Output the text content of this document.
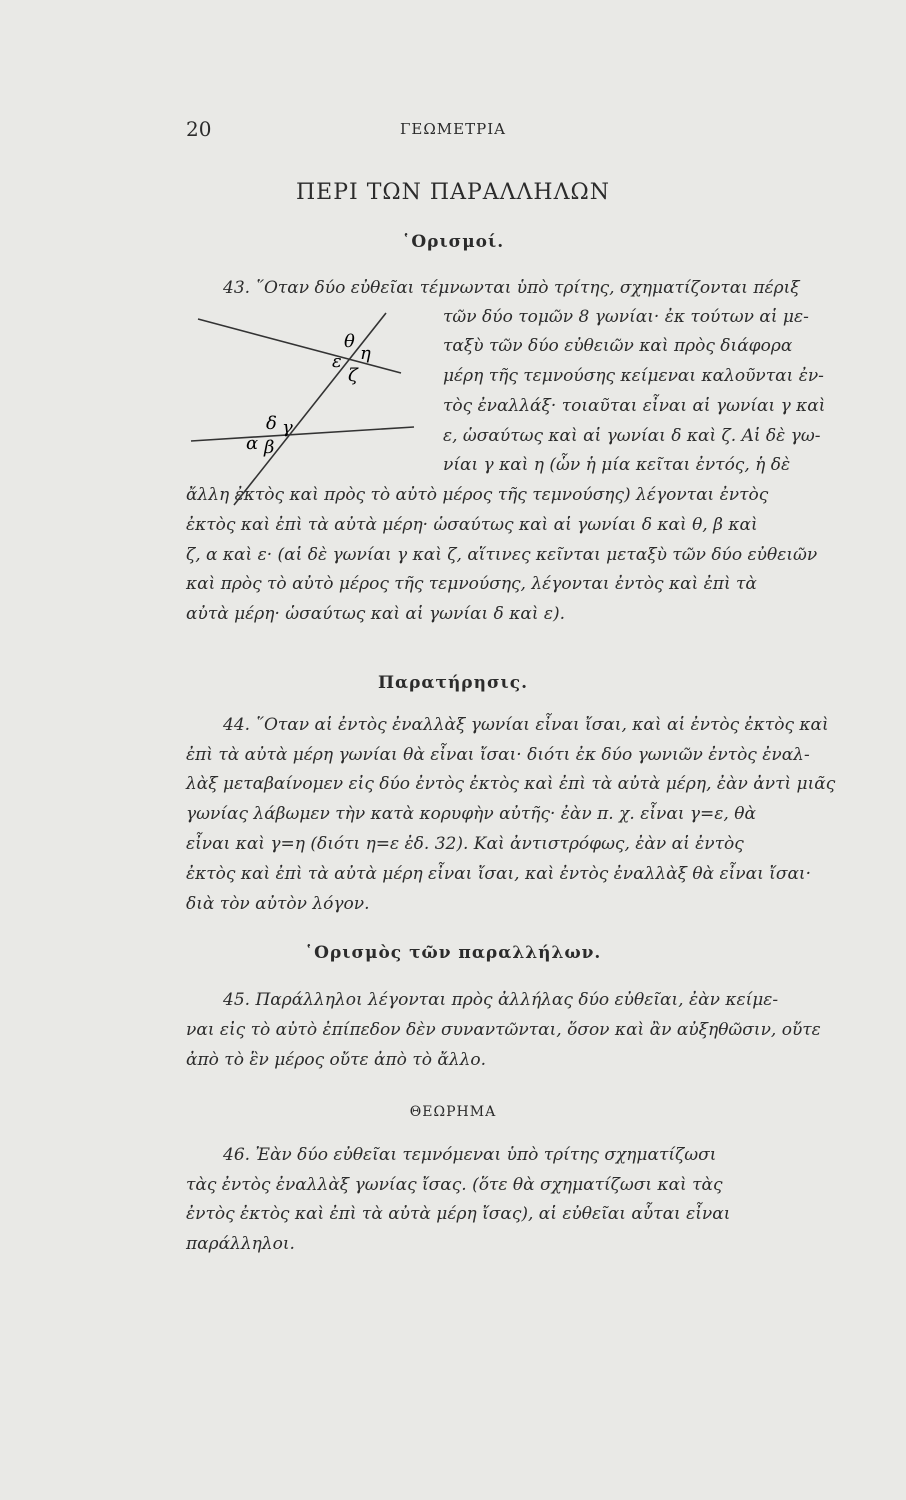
20	ΓΕΩΜΕΤΡΙΑ
ΠΕΡΙ ΤΩΝ ΠΑΡΑΛΛΗΛΩΝ
῾Ορισμοί.
θ
η
ε
ζ
δ γ
α β
43. ῞Οταν δύο εὐθεῖαι τέμνωνται ὑπὸ τρίτης, σχηματίζονται πέριξ
τῶν δύο τομῶν 8 γωνίαι· ἐκ τούτων αἱ με-
ταξὺ τῶν δύο εὐθειῶν καὶ πρὸς διάφορα
μέρη τῆς τεμνούσης κείμεναι καλοῦνται ἐν-
τὸς ἐναλλάξ· τοιαῦται εἶναι αἱ γωνίαι γ καὶ
ε, ὡσαύτως καὶ αἱ γωνίαι δ καὶ ζ. Αἱ δὲ γω-
νίαι γ καὶ η (ὧν ἡ μία κεῖται ἐντός, ἡ δὲ
ἄλλη ἐκτὸς καὶ πρὸς τὸ αὐτὸ μέρος τῆς τεμνούσης) λέγονται ἐντὸς
ἐκτὸς καὶ ἐπὶ τὰ αὐτὰ μέρη· ὡσαύτως καὶ αἱ γωνίαι δ καὶ θ, β καὶ
ζ, α καὶ ε· (αἱ δὲ γωνίαι γ καὶ ζ, αἵτινες κεῖνται μεταξὺ τῶν δύο εὐθειῶν
καὶ πρὸς τὸ αὐτὸ μέρος τῆς τεμνούσης, λέγονται ἐντὸς καὶ ἐπὶ τὰ
αὐτὰ μέρη· ὡσαύτως καὶ αἱ γωνίαι δ καὶ ε).
Παρατήρησις.
44. ῞Οταν αἱ ἐντὸς ἐναλλὰξ γωνίαι εἶναι ἴσαι, καὶ αἱ ἐντὸς ἐκτὸς καὶ
ἐπὶ τὰ αὐτὰ μέρη γωνίαι θὰ εἶναι ἴσαι· διότι ἐκ δύο γωνιῶν ἐντὸς ἐναλ-
λὰξ μεταβαίνομεν εἰς δύο ἐντὸς ἐκτὸς καὶ ἐπὶ τὰ αὐτὰ μέρη, ἐὰν ἀντὶ μιᾶς
γωνίας λάβωμεν τὴν κατὰ κορυφὴν αὐτῆς· ἐὰν π. χ. εἶναι γ=ε, θὰ
εἶναι καὶ γ=η (διότι η=ε ἐδ. 32). Καὶ ἀντιστρόφως, ἐὰν αἱ ἐντὸς
ἐκτὸς καὶ ἐπὶ τὰ αὐτὰ μέρη εἶναι ἴσαι, καὶ ἐντὸς ἐναλλὰξ θὰ εἶναι ἴσαι·
διὰ τὸν αὐτὸν λόγον.
῾Ορισμὸς τῶν παραλλήλων.
45. Παράλληλοι λέγονται πρὸς ἀλλήλας δύο εὐθεῖαι, ἐὰν κείμε-
ναι εἰς τὸ αὐτὸ ἐπίπεδον δὲν συναντῶνται, ὅσον καὶ ἂν αὐξηθῶσιν, οὔτε
ἀπὸ τὸ ἓν μέρος οὔτε ἀπὸ τὸ ἄλλο.
ΘΕΩΡΗΜΑ
46. Ἐὰν δύο εὐθεῖαι τεμνόμεναι ὑπὸ τρίτης σχηματίζωσι
τὰς ἐντὸς ἐναλλὰξ γωνίας ἴσας. (ὅτε θὰ σχηματίζωσι καὶ τὰς
ἐντὸς ἐκτὸς καὶ ἐπὶ τὰ αὐτὰ μέρη ἴσας), αἱ εὐθεῖαι αὗται εἶναι
παράλληλοι.
